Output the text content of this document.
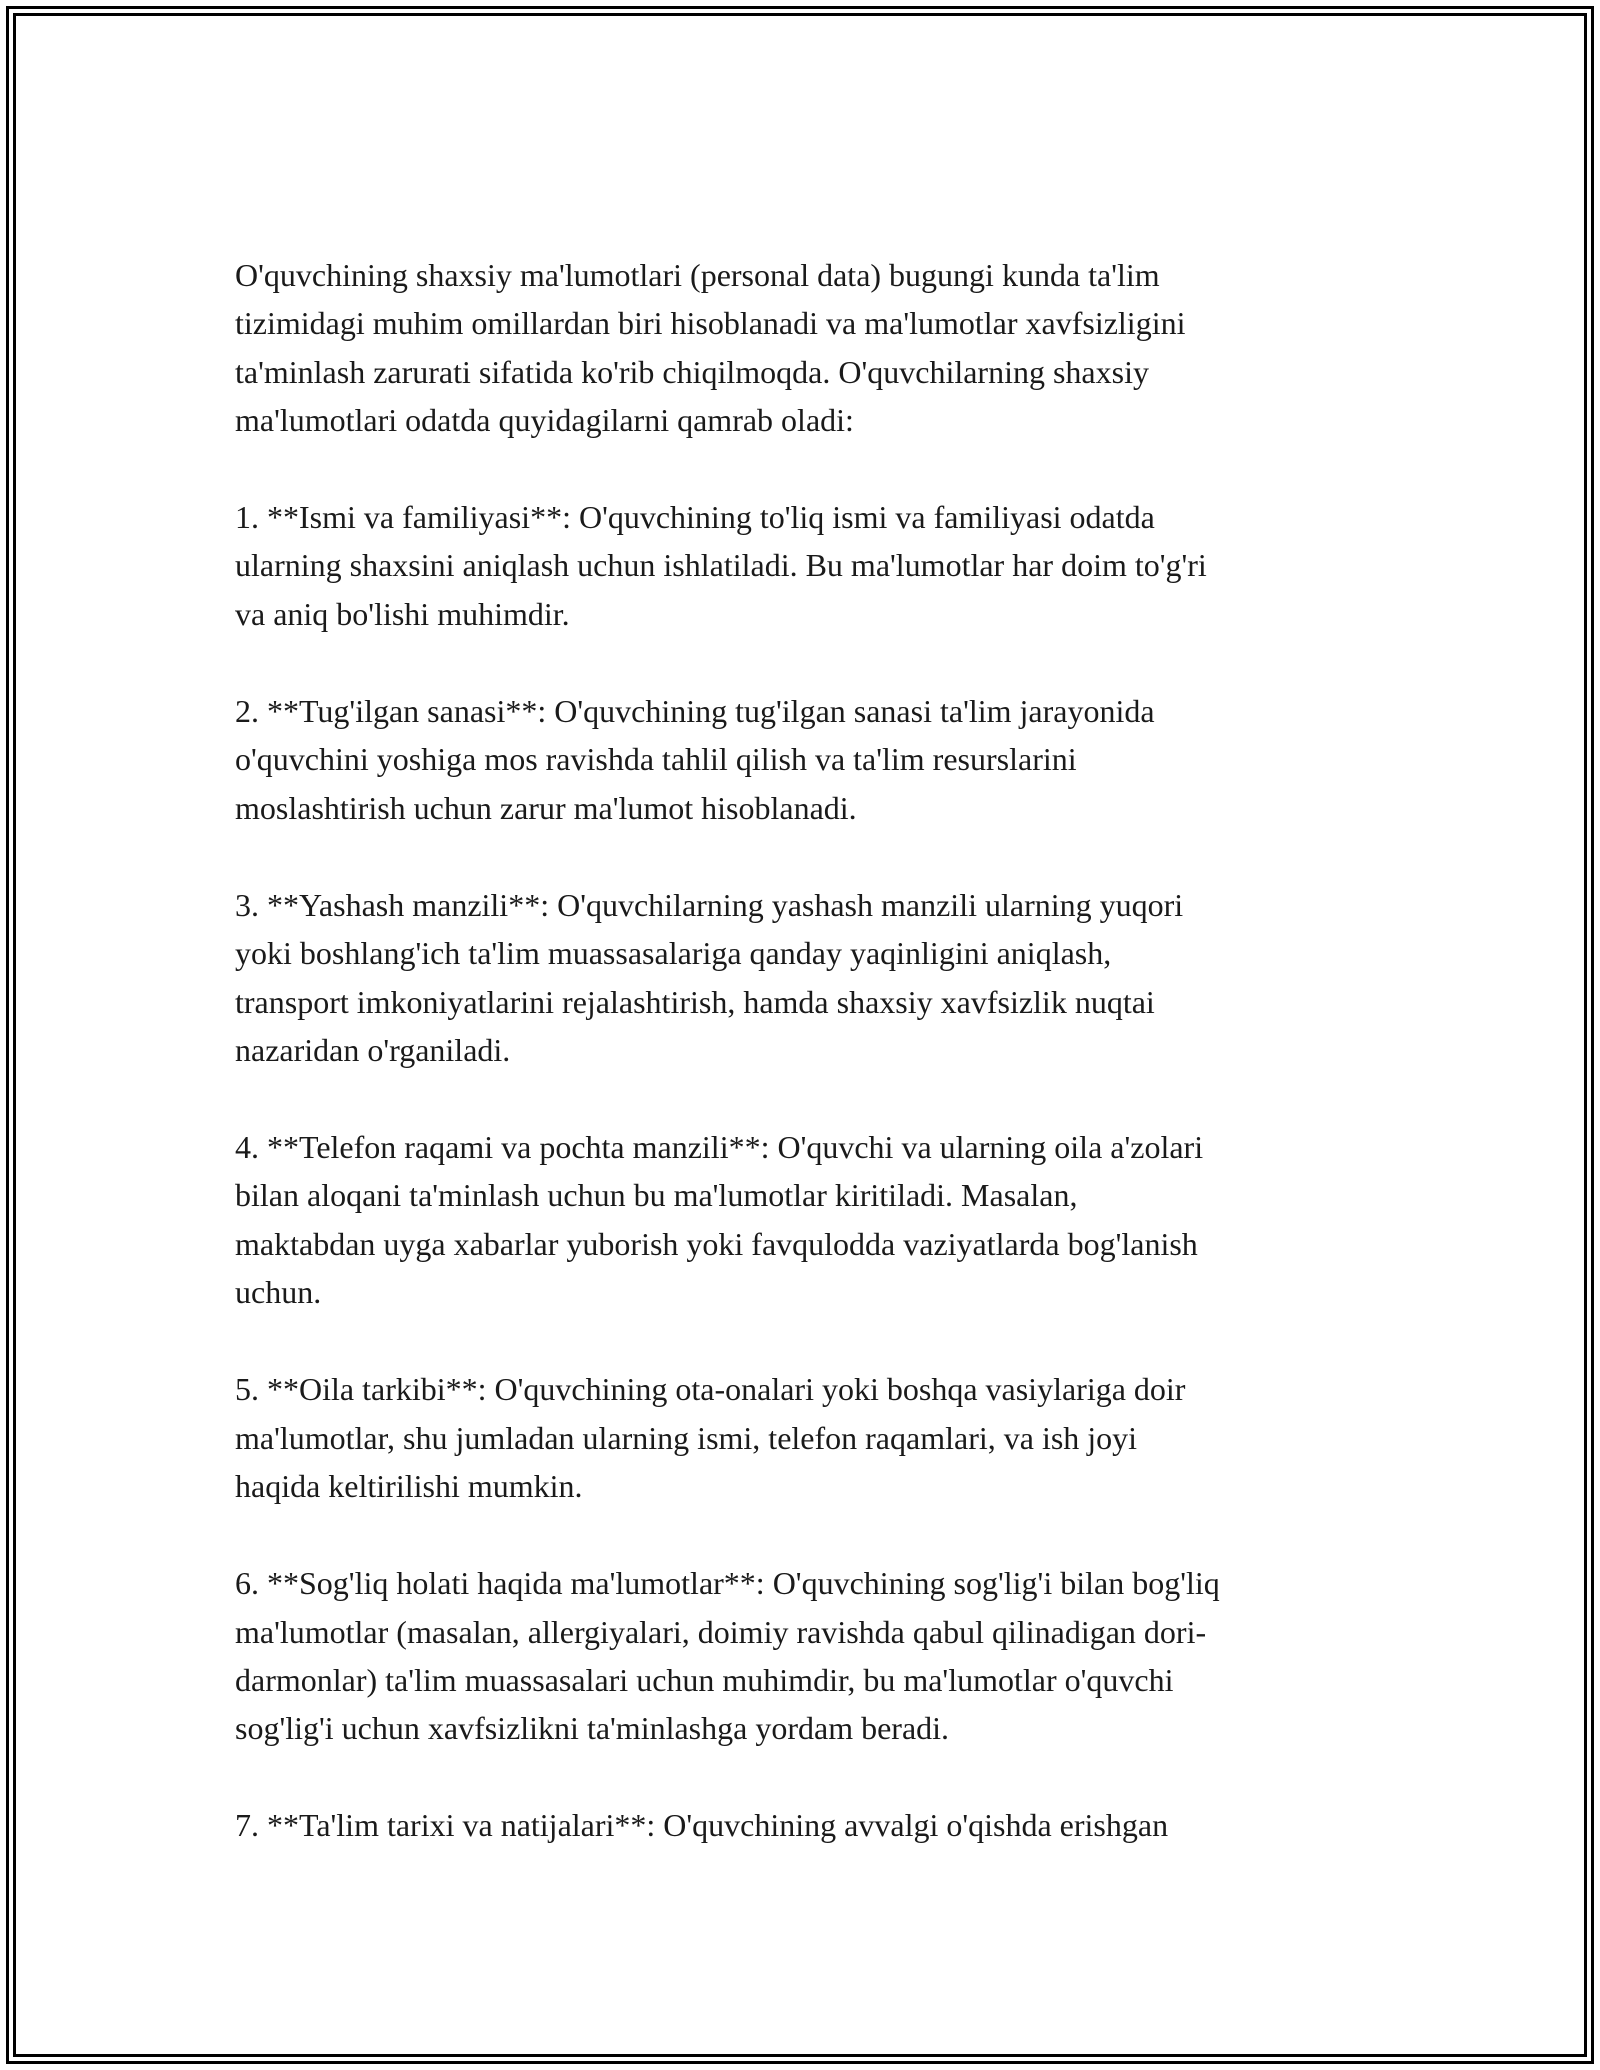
O'quvchining shaxsiy ma'lumotlari (personal data) bugungi kunda ta'lim
tizimidagi muhim omillardan biri hisoblanadi va ma'lumotlar xavfsizligini
ta'minlash zarurati sifatida ko'rib chiqilmoqda. O'quvchilarning shaxsiy
ma'lumotlari odatda quyidagilarni qamrab oladi:

1. **Ismi va familiyasi**: O'quvchining to'liq ismi va familiyasi odatda
ularning shaxsini aniqlash uchun ishlatiladi. Bu ma'lumotlar har doim to'g'ri
va aniq bo'lishi muhimdir.

2. **Tug'ilgan sanasi**: O'quvchining tug'ilgan sanasi ta'lim jarayonida
o'quvchini yoshiga mos ravishda tahlil qilish va ta'lim resurslarini
moslashtirish uchun zarur ma'lumot hisoblanadi.

3. **Yashash manzili**: O'quvchilarning yashash manzili ularning yuqori
yoki boshlang'ich ta'lim muassasalariga qanday yaqinligini aniqlash,
transport imkoniyatlarini rejalashtirish, hamda shaxsiy xavfsizlik nuqtai
nazaridan o'rganiladi.

4. **Telefon raqami va pochta manzili**: O'quvchi va ularning oila a'zolari
bilan aloqani ta'minlash uchun bu ma'lumotlar kiritiladi. Masalan,
maktabdan uyga xabarlar yuborish yoki favqulodda vaziyatlarda bog'lanish
uchun.

5. **Oila tarkibi**: O'quvchining ota-onalari yoki boshqa vasiylariga doir
ma'lumotlar, shu jumladan ularning ismi, telefon raqamlari, va ish joyi
haqida keltirilishi mumkin.

6. **Sog'liq holati haqida ma'lumotlar**: O'quvchining sog'lig'i bilan bog'liq
ma'lumotlar (masalan, allergiyalari, doimiy ravishda qabul qilinadigan dori-
darmonlar) ta'lim muassasalari uchun muhimdir, bu ma'lumotlar o'quvchi
sog'lig'i uchun xavfsizlikni ta'minlashga yordam beradi.

7. **Ta'lim tarixi va natijalari**: O'quvchining avvalgi o'qishda erishgan
